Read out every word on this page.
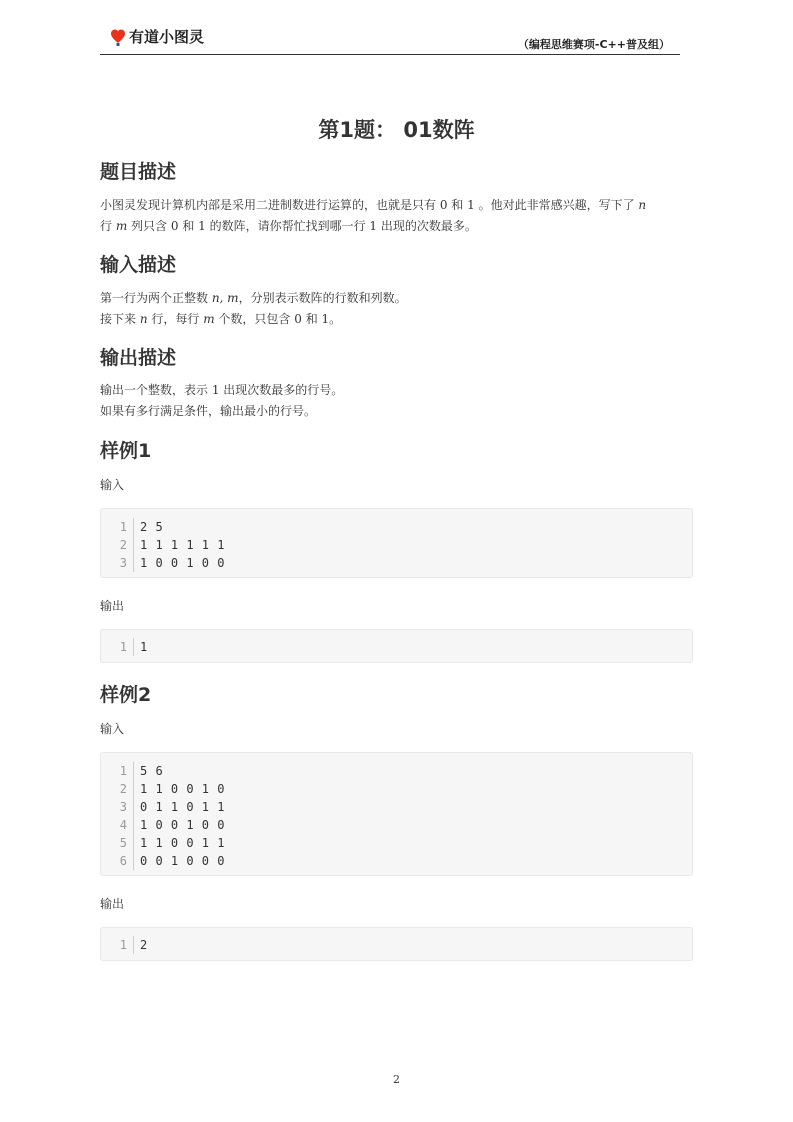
有道小图灵	（编程思维赛项-C++普及组）
第1题： 01数阵
题目描述
小图灵发现计算机内部是采用二进制数进行运算的，也就是只有 0 和 1 。他对此非常感兴趣，写下了 n
行 m 列只含 0 和 1 的数阵，请你帮忙找到哪一行 1 出现的次数最多。
输入描述
第一行为两个正整数 n, m，分别表示数阵的行数和列数。
接下来 n 行，每行 m 个数，只包含 0 和 1。
输出描述
输出一个整数，表示 1 出现次数最多的行号。
如果有多行满足条件，输出最小的行号。
样例1
输入
1	2 5
2	1 1 1 1 1 1
3	1 0 0 1 0 0
输出
1	1
样例2
输入
1	5 6
2	1 1 0 0 1 0
3	0 1 1 0 1 1
4	1 0 0 1 0 0
5	1 1 0 0 1 1
6	0 0 1 0 0 0
输出
1	2
2
